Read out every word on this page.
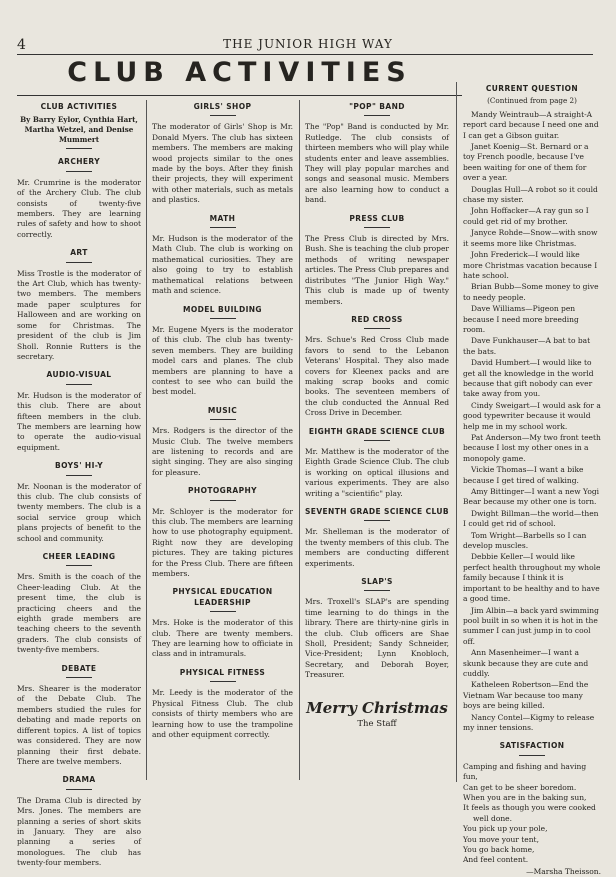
4	THE JUNIOR HIGH WAY
CLUB ACTIVITIES
CLUB ACTIVITIES
By Barry Eylor, Cynthia Hart, Martha Wetzel, and Denise Mummert
ARCHERY

Mr. Crumrine is the moderator of the Archery Club. The club consists of twenty-five members. They are learning rules of safety and how to shoot correctly.

ART

Miss Trostle is the moderator of the Art Club, which has twenty-two members. The members made paper sculptures for Halloween and are working on some for Christmas. The president of the club is Jim Sholl. Ronnie Rutters is the secretary.

AUDIO-VISUAL

Mr. Hudson is the moderator of this club. There are about fifteen members in the club. The members are learning how to operate the audio-visual equipment.

BOYS' HI-Y

Mr. Noonan is the moderator of this club. The club consists of twenty members. The club is a social service group which plans projects of benefit to the school and community.

CHEER LEADING

Mrs. Smith is the coach of the Cheer-leading Club. At the present time, the club is practicing cheers and the eighth grade members are teaching cheers to the seventh graders. The club consists of twenty-five members.

DEBATE

Mrs. Shearer is the moderator of the Debate Club. The members studied the rules for debating and made reports on different topics. A list of topics was considered. They are now planning their first debate. There are twelve members.

DRAMA

The Drama Club is directed by Mrs. Jones. The members are planning a series of short skits in January. They are also planning a series of monologues. The club has twenty-four members.

GIRLS' SHOP

The moderator of Girls' Shop is Mr. Donald Myers. The club has sixteen members. The members are making wood projects similar to the ones made by the boys. After they finish their projects, they will experiment with other materials, such as metals and plastics.

MATH

Mr. Hudson is the moderator of the Math Club. The club is working on mathematical curiosities. They are also going to try to establish mathematical relations between math and science.

MODEL BUILDING

Mr. Eugene Myers is the moderator of this club. The club has twenty-seven members. They are building model cars and planes. The club members are planning to have a contest to see who can build the best model.

MUSIC

Mrs. Rodgers is the director of the Music Club. The twelve members are listening to records and are sight singing. They are also singing for pleasure.

PHOTOGRAPHY

Mr. Schloyer is the moderator for this club. The members are learning how to use photography equipment. Right now they are developing pictures. They are taking pictures for the Press Club. There are fifteen members.

PHYSICAL EDUCATION LEADERSHIP

Mrs. Hoke is the moderator of this club. There are twenty members. They are learning how to officiate in class and in intramurals.

PHYSICAL FITNESS

Mr. Leedy is the moderator of the Physical Fitness Club. The club consists of thirty members who are learning how to use the trampoline and other equipment correctly.

"POP" BAND

The "Pop" Band is conducted by Mr. Rutledge. The club consists of thirteen members who will play while students enter and leave assemblies. They will play popular marches and songs and seasonal music. Members are also learning how to conduct a band.

PRESS CLUB

The Press Club is directed by Mrs. Bush. She is teaching the club proper methods of writing newspaper articles. The Press Club prepares and distributes "The Junior High Way." This club is made up of twenty members.

RED CROSS

Mrs. Schue's Red Cross Club made favors to send to the Lebanon Veterans' Hospital. They also made covers for Kleenex packs and are making scrap books and comic books. The seventeen members of the club conducted the Annual Red Cross Drive in December.

EIGHTH GRADE SCIENCE CLUB

Mr. Matthew is the moderator of the Eighth Grade Science Club. The club is working on optical illusions and various experiments. They are also writing a "scientific" play.

SEVENTH GRADE SCIENCE CLUB

Mr. Shelleman is the moderator of the twenty members of this club. The members are conducting different experiments.

SLAP'S

Mrs. Troxell's SLAP's are spending time learning to do things in the library. There are thirty-nine girls in the club. Club officers are Shae Sholl, President; Sandy Schneider, Vice-President; Lynn Knobloch, Secretary, and Deborah Boyer, Treasurer.

Merry Christmas
The Staff
CURRENT QUESTION
(Continued from page 2)

Mandy Weintraub—A straight-A report card because I need one and I can get a Gibson guitar.

Janet Koenig—St. Bernard or a toy French poodle, because I've been waiting for one of them for over a year.

Douglas Hull—A robot so it could chase my sister.

John Hoffacker—A ray gun so I could get rid of my brother.

Janyce Rohde—Snow—with snow it seems more like Christmas.

John Frederick—I would like more Christmas vacation because I hate school.

Brian Bubb—Some money to give to needy people.

Dave Williams—Pigeon pen because I need more breeding room.

Dave Funkhauser—A bat to bat the bats.

David Humbert—I would like to get all the knowledge in the world because that gift nobody can ever take away from you.

Cindy Sweigart—I would ask for a good typewriter because it would help me in my school work.

Pat Anderson—My two front teeth because I lost my other ones in a monopoly game.

Vickie Thomas—I want a bike because I get tired of walking.

Amy Bittinger—I want a new Yogi Bear because my other one is torn.

Dwight Billman—the world—then I could get rid of school.

Tom Wright—Barbells so I can develop muscles.

Debbie Keller—I would like perfect health throughout my whole family because I think it is important to be healthy and to have a good time.

Jim Albin—a back yard swimming pool built in so when it is hot in the summer I can just jump in to cool off.

Ann Masenheimer—I want a skunk because they are cute and cuddly.

Katheleen Robertson—End the Vietnam War because too many boys are being killed.

Nancy Contel—Kigmy to release my inner tensions.

SATISFACTION

Camping and fishing and having fun,

Can get to be sheer boredom.

When you are in the baking sun,

It feels as though you were cooked

well done.

You pick up your pole,

You move your tent,

You go back home,

And feel content.

—Marsha Theisson.
